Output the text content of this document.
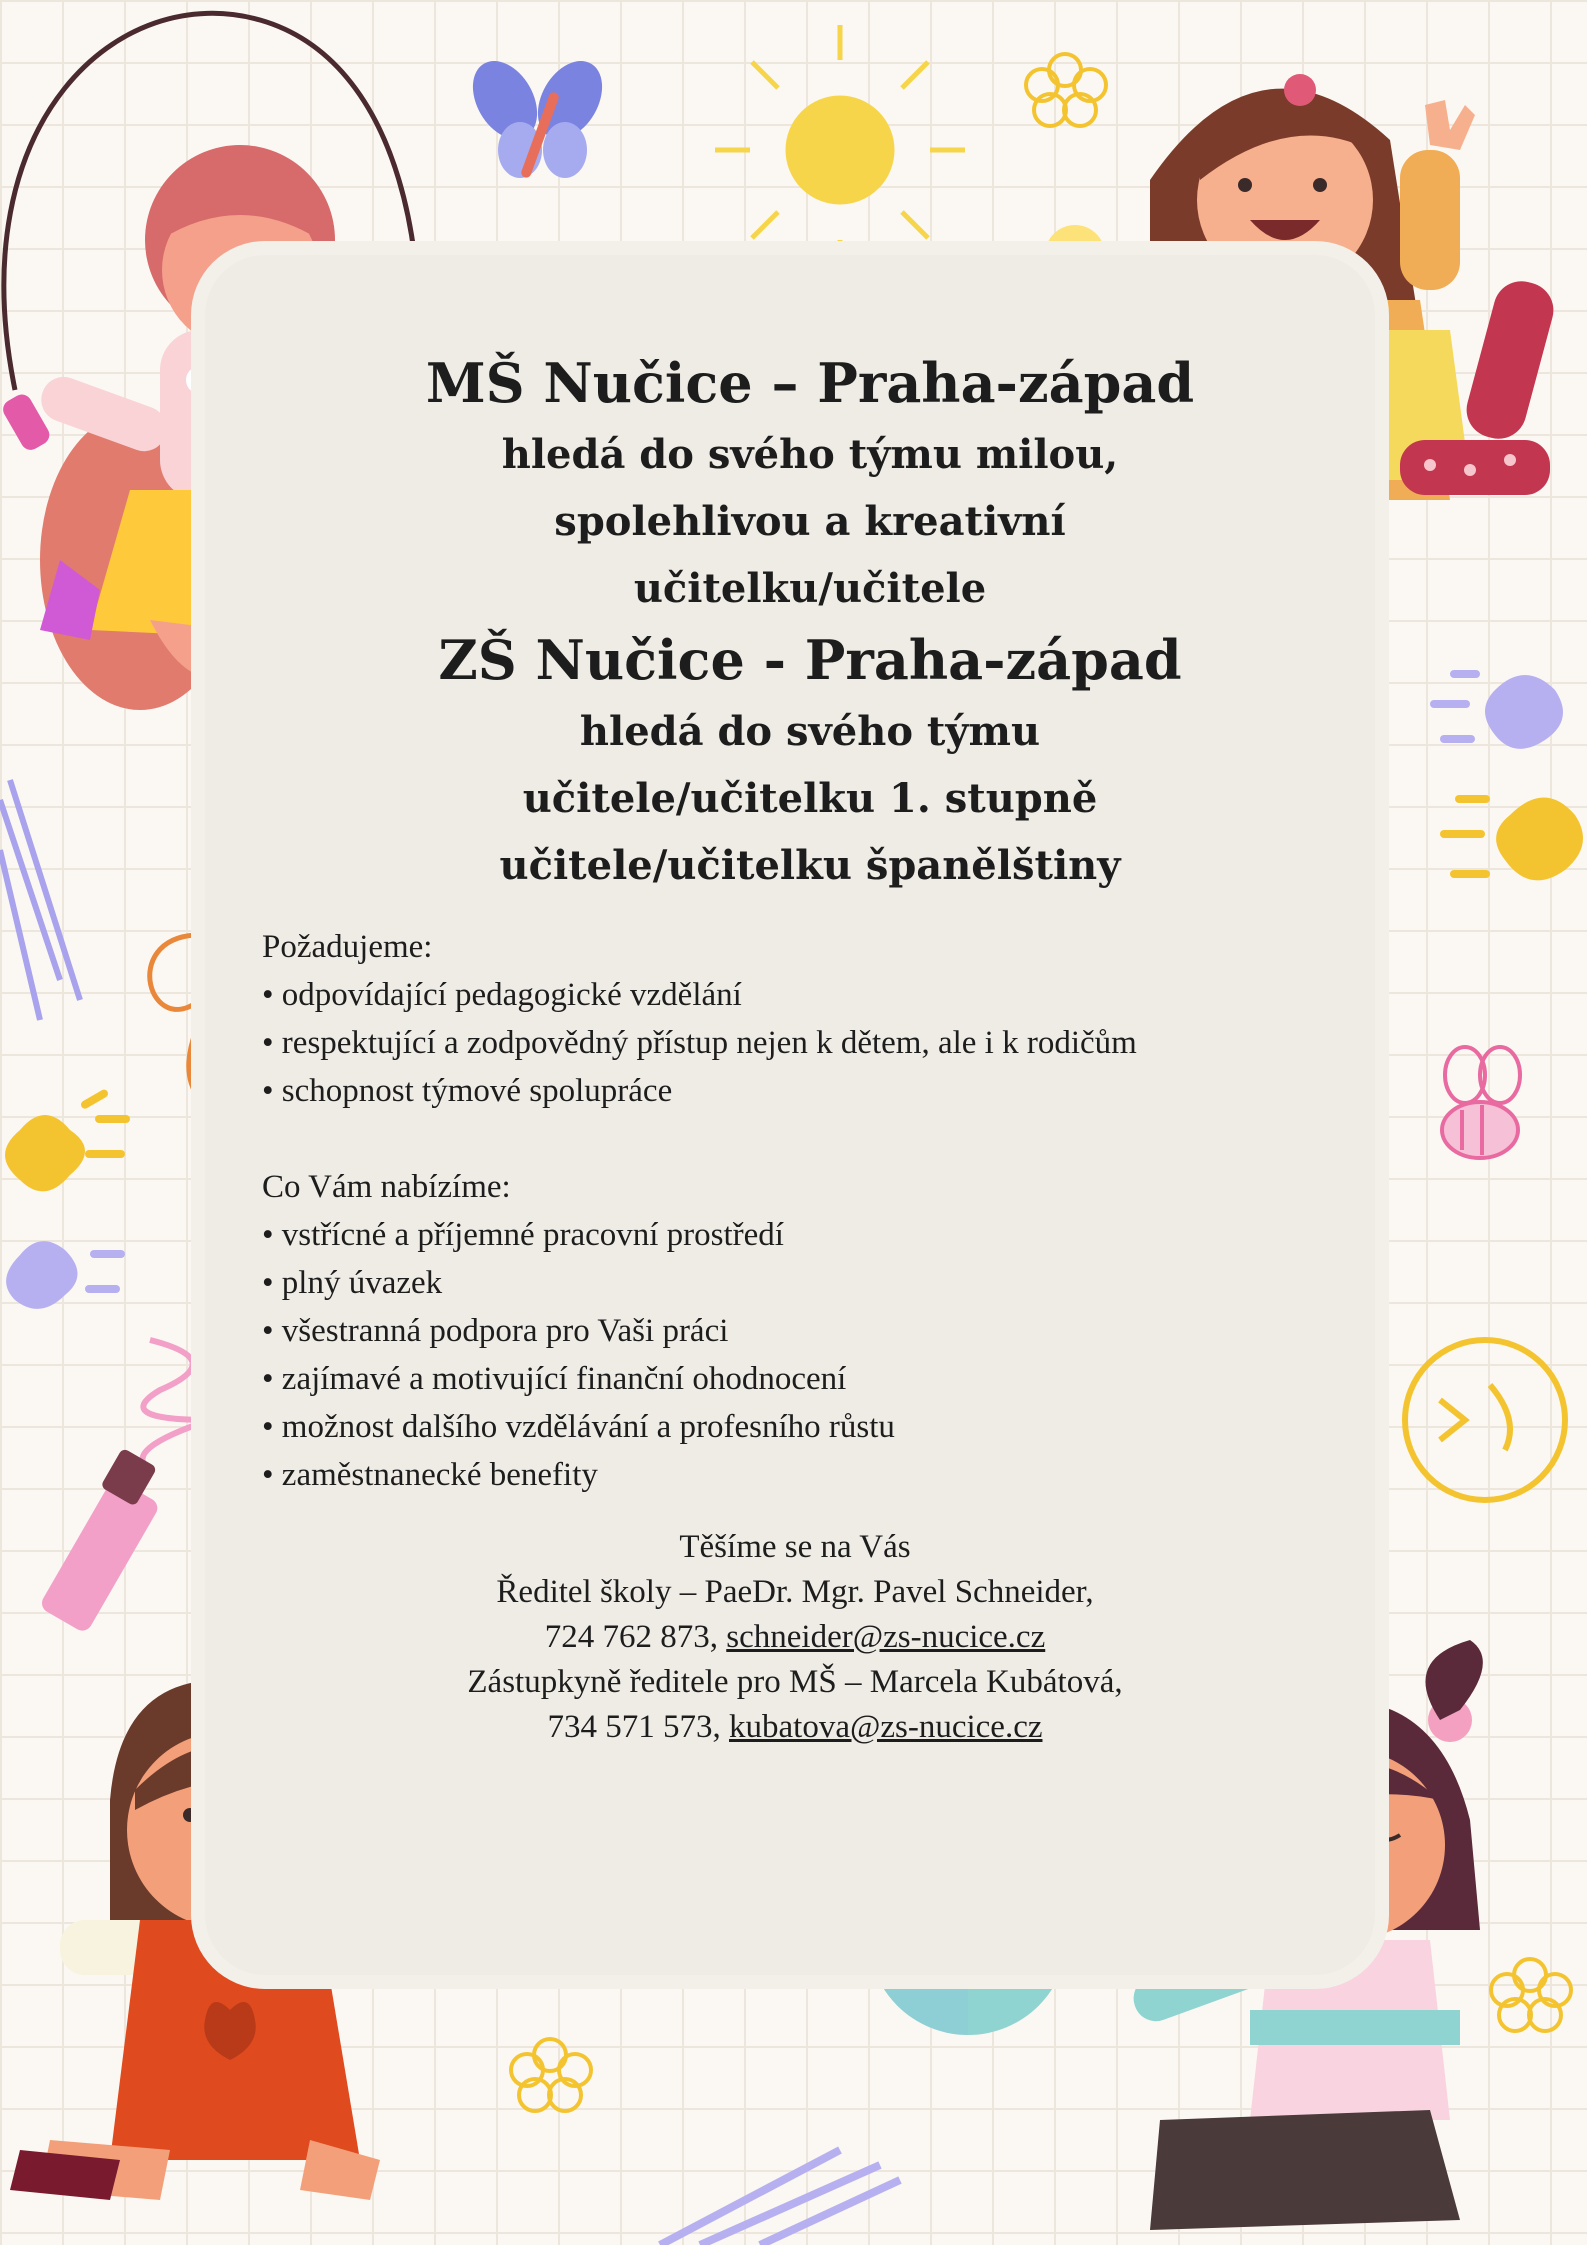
MŠ Nučice – Praha-západ

hledá do svého týmu milou,

spolehlivou a kreativní

učitelku/učitele

ZŠ Nučice - Praha-západ

hledá do svého týmu

učitele/učitelku 1. stupně

učitele/učitelku španělštiny

Požadujeme:
• odpovídající pedagogické vzdělání
• respektující a zodpovědný přístup nejen k dětem, ale i k rodičům
• schopnost týmové spolupráce
Co Vám nabízíme:
• vstřícné a příjemné pracovní prostředí
• plný úvazek
• všestranná podpora pro Vaši práci
• zajímavé a motivující finanční ohodnocení
• možnost dalšího vzdělávání a profesního růstu
• zaměstnanecké benefity
Těšíme se na Vás
Ředitel školy – PaeDr. Mgr. Pavel Schneider,
724 762 873, schneider@zs-nucice.cz
Zástupkyně ředitele pro MŠ – Marcela Kubátová,
734 571 573, kubatova@zs-nucice.cz
